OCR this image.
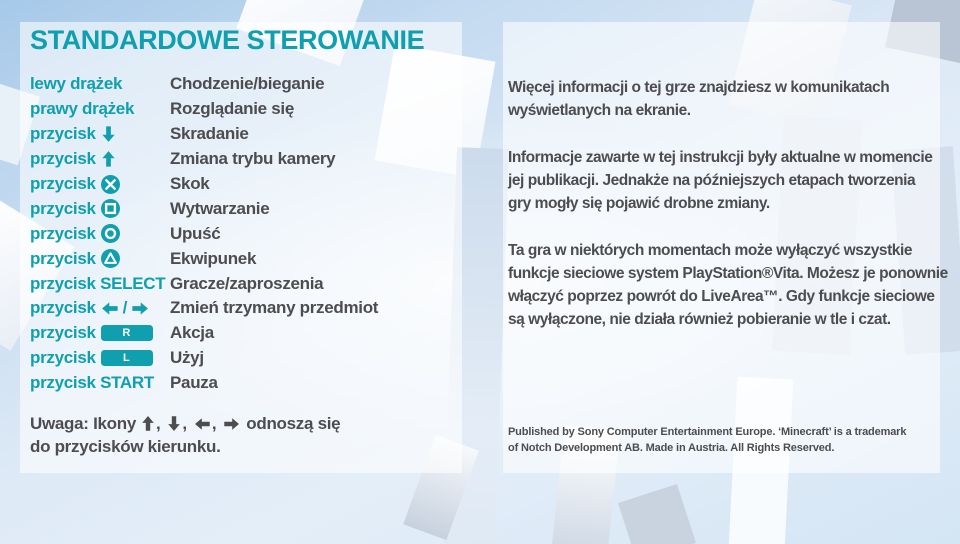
STANDARDOWE STEROWANIE
lewy drążek	Chodzenie/bieganie
prawy drążek Rozglądanie się
przycisk	Skradanie
przycisk	Zmiana trybu kamery
przycisk	Skok
przycisk	Wytwarzanie
przycisk	Upuść
przycisk	Ekwipunek
przycisk SELECT Gracze/zaproszenia
przycisk /	Zmień trzymany przedmiot
przycisk R Akcja
przycisk L Użyj
przycisk START Pauza
Uwaga: Ikony , , , odnoszą się
do przycisków kierunku.
Więcej informacji o tej grze znajdziesz w komunikatach
wyświetlanych na ekranie.
Informacje zawarte w tej instrukcji były aktualne w momencie
jej publikacji. Jednakże na późniejszych etapach tworzenia
gry mogły się pojawić drobne zmiany.
Ta gra w niektórych momentach może wyłączyć wszystkie
funkcje sieciowe system PlayStation®Vita. Możesz je ponownie
włączyć poprzez powrót do LiveArea™. Gdy funkcje sieciowe
są wyłączone, nie działa również pobieranie w tle i czat.
Published by Sony Computer Entertainment Europe. ‘Minecraft’ is a trademark
of Notch Development AB. Made in Austria. All Rights Reserved.
